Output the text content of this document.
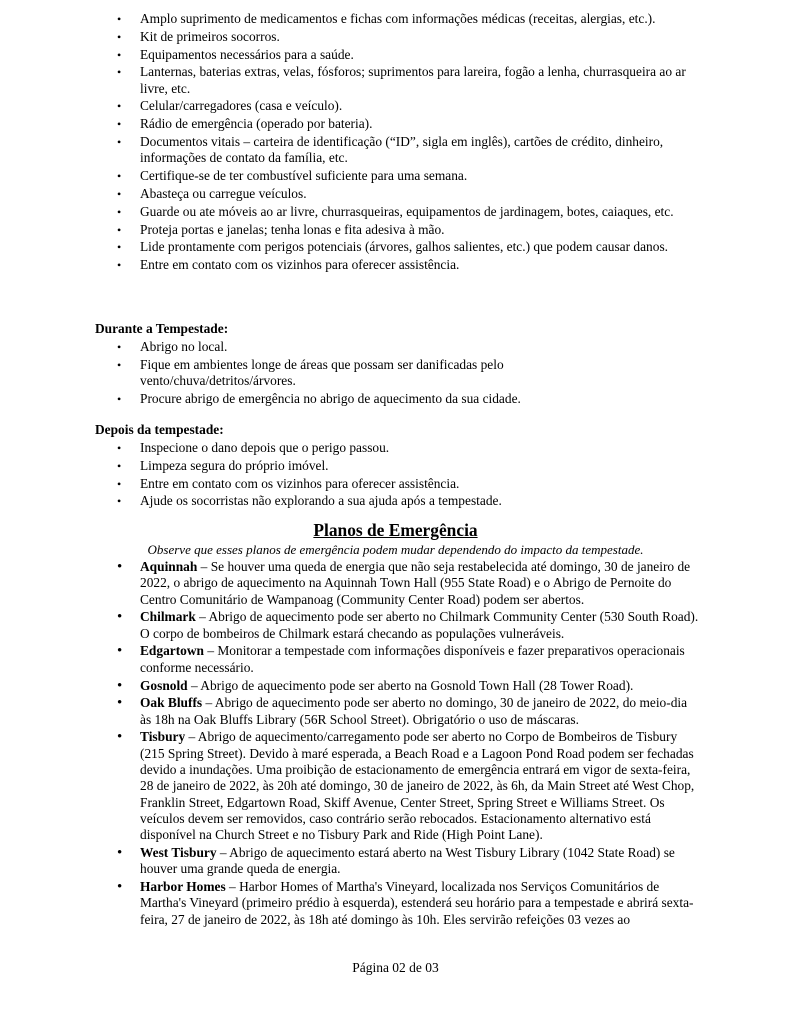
• Amplo suprimento de medicamentos e fichas com informações médicas (receitas, alergias, etc.).
• Kit de primeiros socorros.
• Equipamentos necessários para a saúde.
• Lanternas, baterias extras, velas, fósforos; suprimentos para lareira, fogão a lenha, churrasqueira ao ar livre, etc.
• Celular/carregadores (casa e veículo).
• Rádio de emergência (operado por bateria).
• Documentos vitais – carteira de identificação (“ID”, sigla em inglês), cartões de crédito, dinheiro, informações de contato da família, etc.
• Certifique-se de ter combustível suficiente para uma semana.
• Abasteça ou carregue veículos.
• Guarde ou ate móveis ao ar livre, churrasqueiras, equipamentos de jardinagem, botes, caiaques, etc.
• Proteja portas e janelas; tenha lonas e fita adesiva à mão.
• Lide prontamente com perigos potenciais (árvores, galhos salientes, etc.) que podem causar danos.
• Entre em contato com os vizinhos para oferecer assistência.
Durante a Tempestade:
• Abrigo no local.
• Fique em ambientes longe de áreas que possam ser danificadas pelo vento/chuva/detritos/árvores.
• Procure abrigo de emergência no abrigo de aquecimento da sua cidade.
Depois da tempestade:
• Inspecione o dano depois que o perigo passou.
• Limpeza segura do próprio imóvel.
• Entre em contato com os vizinhos para oferecer assistência.
• Ajude os socorristas não explorando a sua ajuda após a tempestade.
Planos de Emergência
Observe que esses planos de emergência podem mudar dependendo do impacto da tempestade.
• Aquinnah – Se houver uma queda de energia que não seja restabelecida até domingo, 30 de janeiro de 2022, o abrigo de aquecimento na Aquinnah Town Hall (955 State Road) e o Abrigo de Pernoite do Centro Comunitário de Wampanoag (Community Center Road) podem ser abertos.
• Chilmark – Abrigo de aquecimento pode ser aberto no Chilmark Community Center (530 South Road). O corpo de bombeiros de Chilmark estará checando as populações vulneráveis.
• Edgartown – Monitorar a tempestade com informações disponíveis e fazer preparativos operacionais conforme necessário.
• Gosnold – Abrigo de aquecimento pode ser aberto na Gosnold Town Hall (28 Tower Road).
• Oak Bluffs – Abrigo de aquecimento pode ser aberto no domingo, 30 de janeiro de 2022, do meio-dia às 18h na Oak Bluffs Library (56R School Street). Obrigatório o uso de máscaras.
• Tisbury – Abrigo de aquecimento/carregamento pode ser aberto no Corpo de Bombeiros de Tisbury (215 Spring Street). Devido à maré esperada, a Beach Road e a Lagoon Pond Road podem ser fechadas devido a inundações. Uma proibição de estacionamento de emergência entrará em vigor de sexta-feira, 28 de janeiro de 2022, às 20h até domingo, 30 de janeiro de 2022, às 6h, da Main Street até West Chop, Franklin Street, Edgartown Road, Skiff Avenue, Center Street, Spring Street e Williams Street. Os veículos devem ser removidos, caso contrário serão rebocados. Estacionamento alternativo está disponível na Church Street e no Tisbury Park and Ride (High Point Lane).
• West Tisbury – Abrigo de aquecimento estará aberto na West Tisbury Library (1042 State Road) se houver uma grande queda de energia.
• Harbor Homes – Harbor Homes of Martha's Vineyard, localizada nos Serviços Comunitários de Martha's Vineyard (primeiro prédio à esquerda), estenderá seu horário para a tempestade e abrirá sexta-feira, 27 de janeiro de 2022, às 18h até domingo às 10h. Eles servirão refeições 03 vezes ao
Página 02 de 03
